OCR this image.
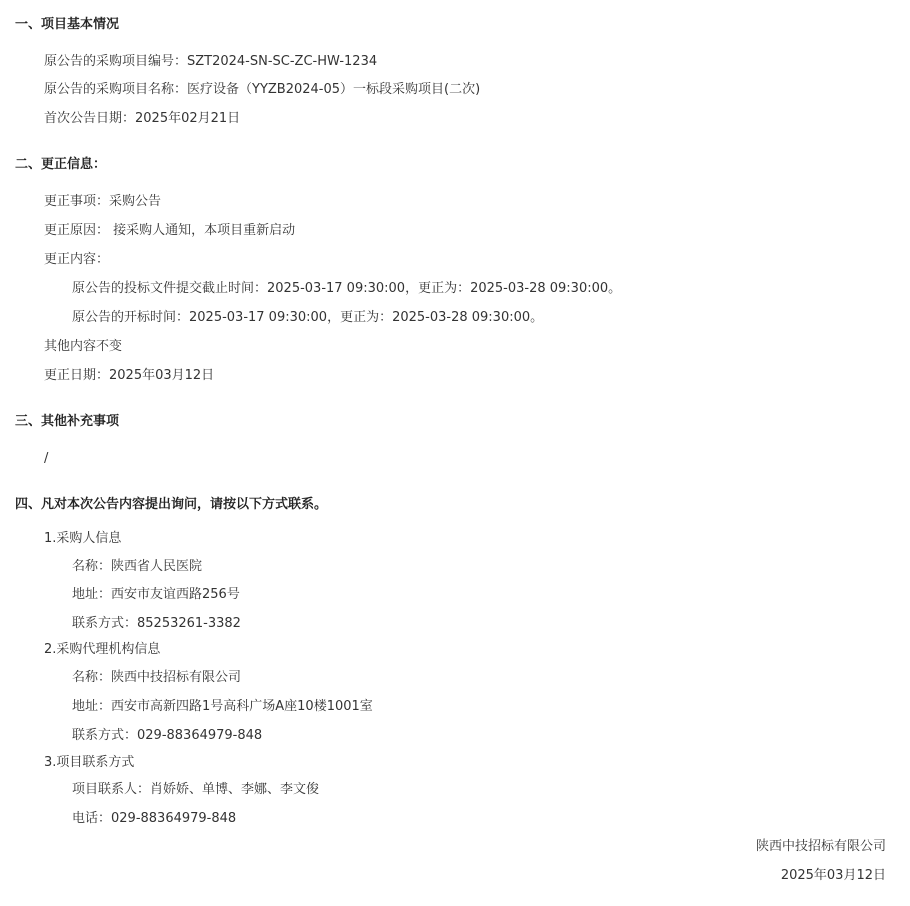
一、项目基本情况
原公告的采购项目编号：SZT2024-SN-SC-ZC-HW-1234
原公告的采购项目名称：医疗设备（YYZB2024-05）一标段采购项目(二次)
首次公告日期：2025年02月21日
二、更正信息：
更正事项：采购公告
更正原因： 接采购人通知，本项目重新启动
更正内容：
原公告的投标文件提交截止时间：2025-03-17 09:30:00，更正为：2025-03-28 09:30:00。
原公告的开标时间：2025-03-17 09:30:00，更正为：2025-03-28 09:30:00。
其他内容不变
更正日期：2025年03月12日
三、其他补充事项
/
四、凡对本次公告内容提出询问，请按以下方式联系。
1.采购人信息
名称：陕西省人民医院
地址：西安市友谊西路256号
联系方式：85253261-3382
2.采购代理机构信息
名称：陕西中技招标有限公司
地址：西安市高新四路1号高科广场A座10楼1001室
联系方式：029-88364979-848
3.项目联系方式
项目联系人：肖娇娇、单博、李娜、李文俊
电话：029-88364979-848
陕西中技招标有限公司
2025年03月12日
